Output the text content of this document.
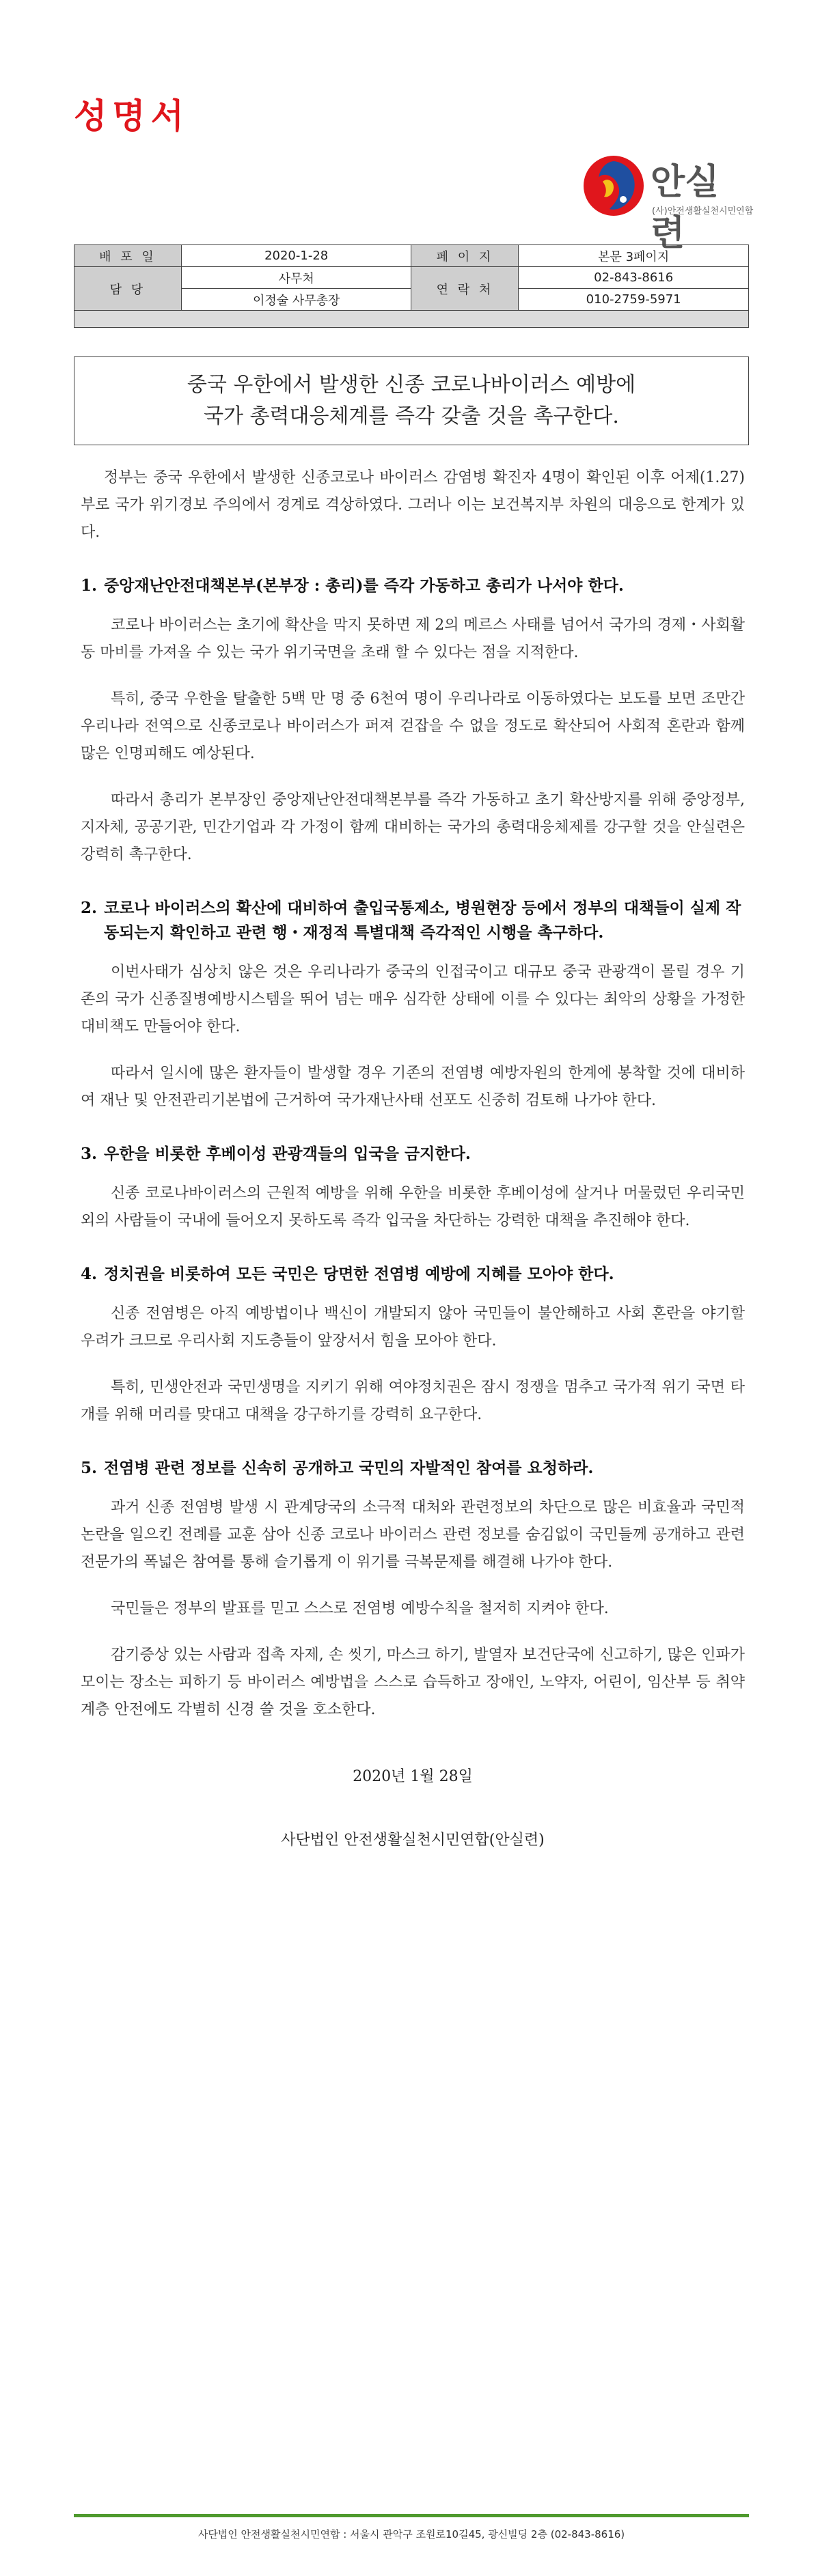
성명서
안실련
(사)안전생활실천시민연합
배 포 일	2020-1-28	페 이 지	본문 3페이지
담 당	사무처	연 락 처	02-843-8616
	이정술 사무총장		010-2759-5971

중국 우한에서 발생한 신종 코로나바이러스 예방에
국가 총력대응체계를 즉각 갖출 것을 촉구한다.

정부는 중국 우한에서 발생한 신종코로나 바이러스 감염병 확진자 4명이 확인된 이후 어제(1.27)부로 국가 위기경보 주의에서 경계로 격상하였다. 그러나 이는 보건복지부 차원의 대응으로 한계가 있다.

1. 중앙재난안전대책본부(본부장 : 총리)를 즉각 가동하고 총리가 나서야 한다.

코로나 바이러스는 초기에 확산을 막지 못하면 제 2의 메르스 사태를 넘어서 국가의 경제・사회활동 마비를 가져올 수 있는 국가 위기국면을 초래 할 수 있다는 점을 지적한다.

특히, 중국 우한을 탈출한 5백 만 명 중 6천여 명이 우리나라로 이동하였다는 보도를 보면 조만간 우리나라 전역으로 신종코로나 바이러스가 퍼져 걷잡을 수 없을 정도로 확산되어 사회적 혼란과 함께 많은 인명피해도 예상된다.

따라서 총리가 본부장인 중앙재난안전대책본부를 즉각 가동하고 초기 확산방지를 위해 중앙정부, 지자체, 공공기관, 민간기업과 각 가정이 함께 대비하는 국가의 총력대응체제를 강구할 것을 안실련은 강력히 촉구한다.

2. 코로나 바이러스의 확산에 대비하여 출입국통제소, 병원현장 등에서 정부의 대책들이 실제 작동되는지 확인하고 관련 행・재정적 특별대책 즉각적인 시행을 촉구하다.

이번사태가 심상치 않은 것은 우리나라가 중국의 인접국이고 대규모 중국 관광객이 몰릴 경우 기존의 국가 신종질병예방시스템을 뛰어 넘는 매우 심각한 상태에 이를 수 있다는 최악의 상황을 가정한 대비책도 만들어야 한다.

따라서 일시에 많은 환자들이 발생할 경우 기존의 전염병 예방자원의 한계에 봉착할 것에 대비하여 재난 및 안전관리기본법에 근거하여 국가재난사태 선포도 신중히 검토해 나가야 한다.

3. 우한을 비롯한 후베이성 관광객들의 입국을 금지한다.

신종 코로나바이러스의 근원적 예방을 위해 우한을 비롯한 후베이성에 살거나 머물렀던 우리국민 외의 사람들이 국내에 들어오지 못하도록 즉각 입국을 차단하는 강력한 대책을 추진해야 한다.

4. 정치권을 비롯하여 모든 국민은 당면한 전염병 예방에 지혜를 모아야 한다.

신종 전염병은 아직 예방법이나 백신이 개발되지 않아 국민들이 불안해하고 사회 혼란을 야기할 우려가 크므로 우리사회 지도층들이 앞장서서 힘을 모아야 한다.

특히, 민생안전과 국민생명을 지키기 위해 여야정치권은 잠시 정쟁을 멈추고 국가적 위기 국면 타개를 위해 머리를 맞대고 대책을 강구하기를 강력히 요구한다.

5. 전염병 관련 정보를 신속히 공개하고 국민의 자발적인 참여를 요청하라.

과거 신종 전염병 발생 시 관계당국의 소극적 대처와 관련정보의 차단으로 많은 비효율과 국민적 논란을 일으킨 전례를 교훈 삼아 신종 코로나 바이러스 관련 정보를 숨김없이 국민들께 공개하고 관련 전문가의 폭넓은 참여를 통해 슬기롭게 이 위기를 극복문제를 해결해 나가야 한다.

국민들은 정부의 발표를 믿고 스스로 전염병 예방수칙을 철저히 지켜야 한다.

감기증상 있는 사람과 접촉 자제, 손 씻기, 마스크 하기, 발열자 보건단국에 신고하기, 많은 인파가 모이는 장소는 피하기 등 바이러스 예방법을 스스로 습득하고 장애인, 노약자, 어린이, 임산부 등 취약계층 안전에도 각별히 신경 쓸 것을 호소한다.

2020년 1월 28일

사단법인 안전생활실천시민연합(안실련)

사단법인 안전생활실천시민연합 : 서울시 관악구 조원로10길45, 광신빌딩 2층 (02-843-8616)
